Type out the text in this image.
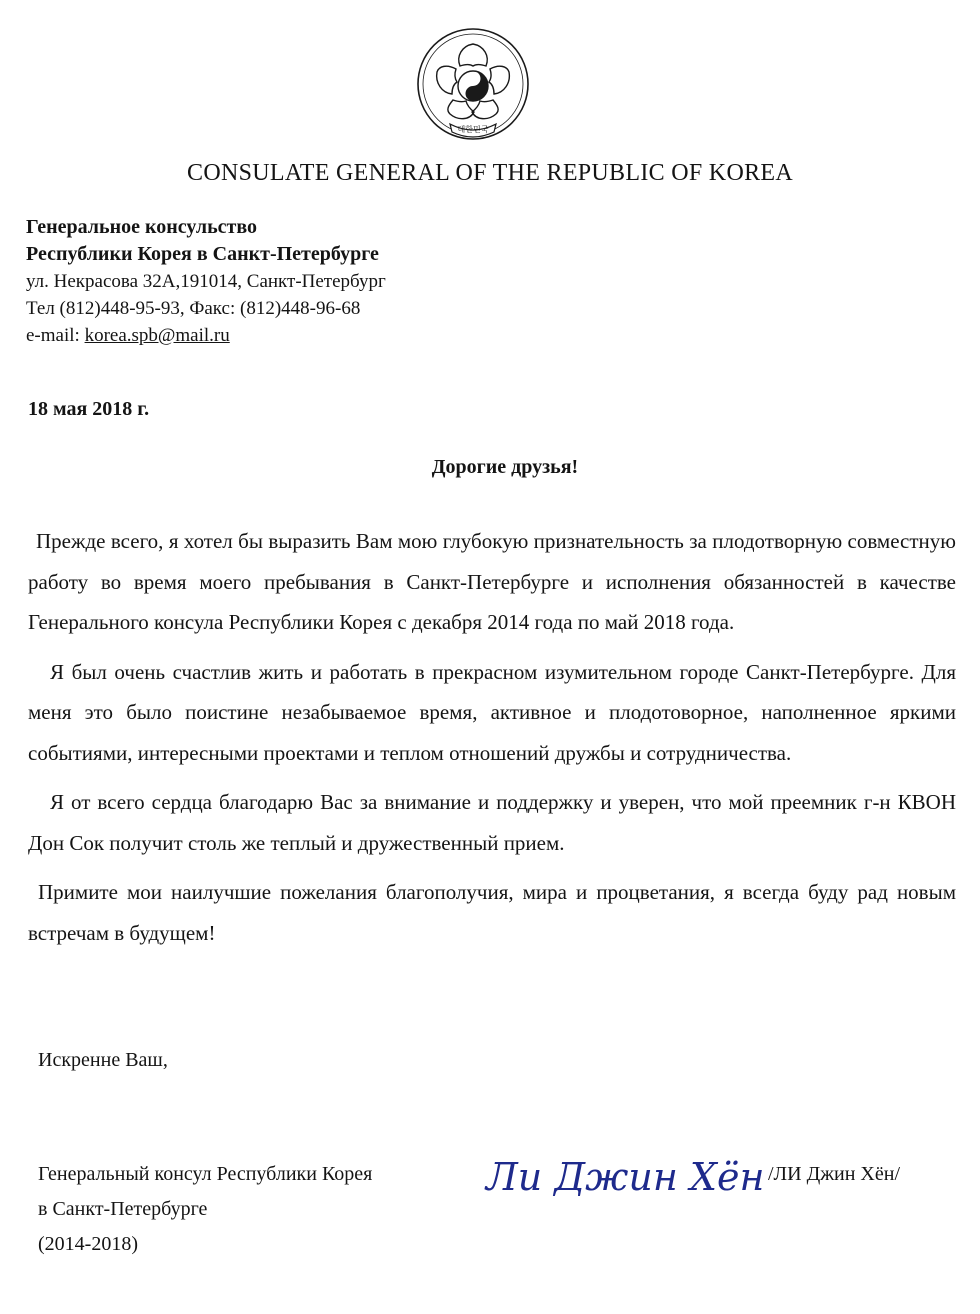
대한민국
CONSULATE GENERAL OF THE REPUBLIC OF KOREA
Генеральное консульство
Республики Корея в Санкт-Петербурге
ул. Некрасова 32А,191014, Санкт-Петербург
Тел (812)448-95-93, Факс: (812)448-96-68
e-mail: korea.spb@mail.ru
18 мая 2018 г.
Дорогие друзья!

Прежде всего, я хотел бы выразить Вам мою глубокую признательность за плодотворную совместную работу во время моего пребывания в Санкт-Петербурге и исполнения обязанностей в качестве Генерального консула Республики Корея с декабря 2014 года по май 2018 года.

Я был очень счастлив жить и работать в прекрасном изумительном городе Санкт-Петербурге. Для меня это было поистине незабываемое время, активное и плодотоворное, наполненное яркими событиями, интересными проектами и теплом отношений дружбы и сотрудничества.

Я от всего сердца благодарю Вас за внимание и поддержку и уверен, что мой преемник г-н КВОН Дон Сок получит столь же теплый и дружественный прием.

Примите мои наилучшие пожелания благополучия, мира и процветания, я всегда буду рад новым встречам в будущем!

Искренне Ваш,
Генеральный консул Республики Корея
в Санкт-Петербурге
(2014-2018)
Ли Джин Хён /ЛИ Джин Хён/
